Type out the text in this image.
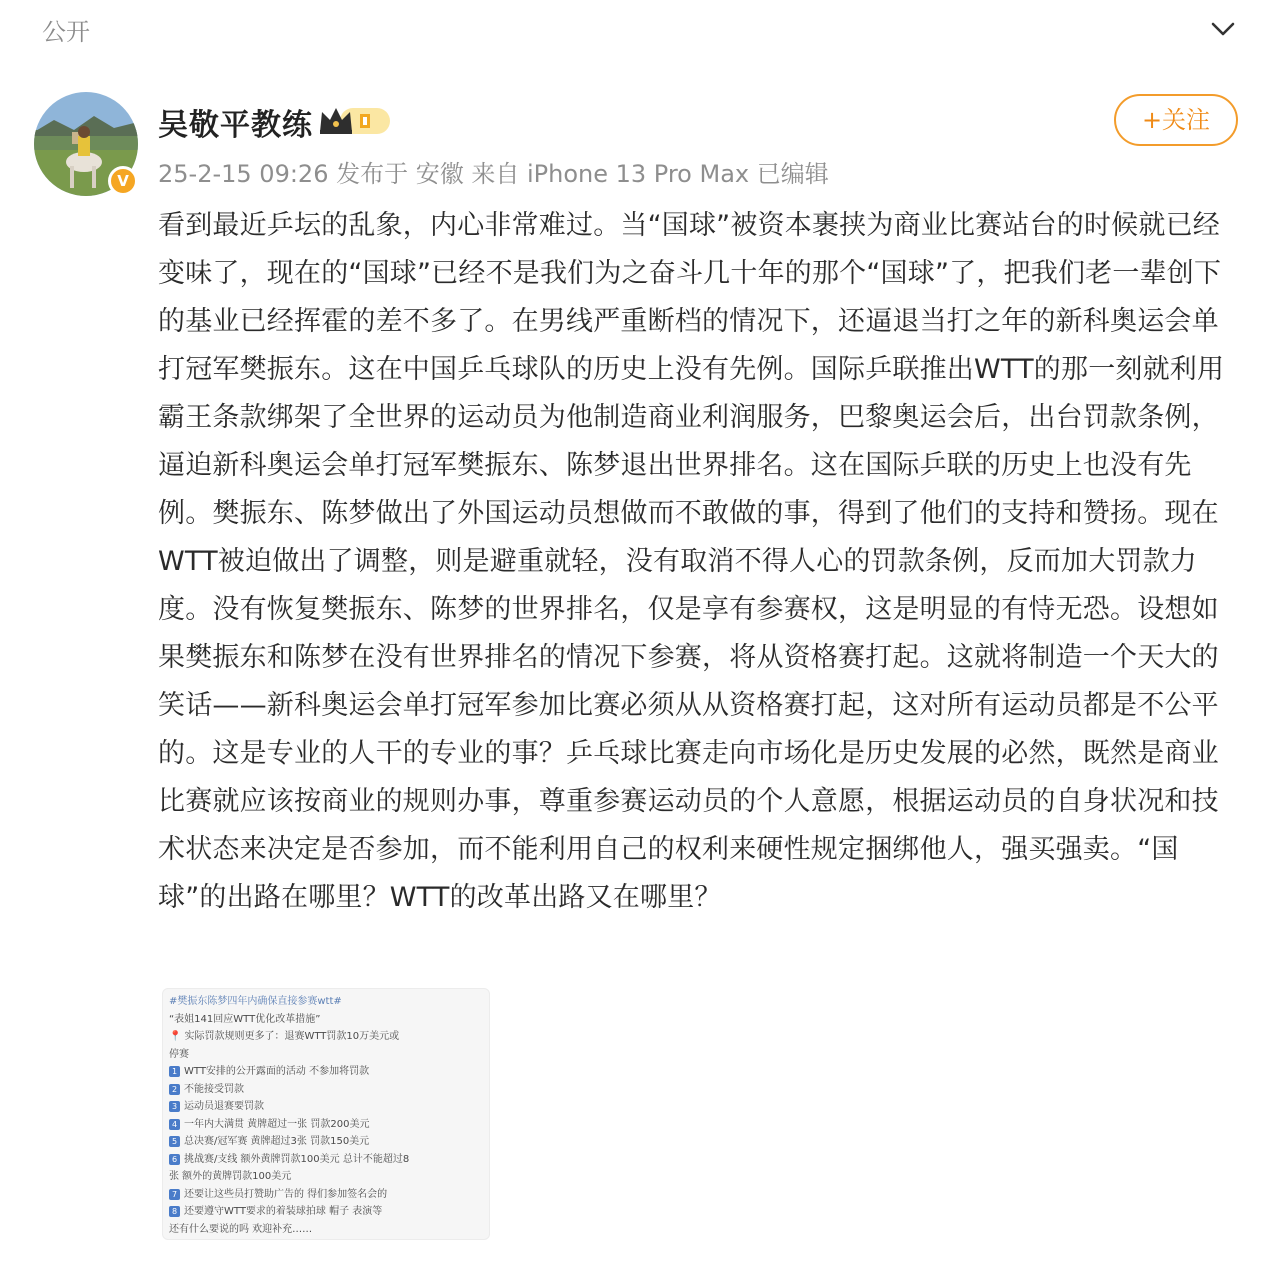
公开
V
吴敬平教练
25-2-15 09:26 发布于 安徽 来自 iPhone 13 Pro Max 已编辑
+关注
看到最近乒坛的乱象，内心非常难过。当“国球”被资本裹挟为商业比赛站台的时候就已经变味了，现在的“国球”已经不是我们为之奋斗几十年的那个“国球”了，把我们老一辈创下的基业已经挥霍的差不多了。在男线严重断档的情况下，还逼退当打之年的新科奥运会单打冠军樊振东。这在中国乒乓球队的历史上没有先例。国际乒联推出WTT的那一刻就利用霸王条款绑架了全世界的运动员为他制造商业利润服务，巴黎奥运会后，出台罚款条例，逼迫新科奥运会单打冠军樊振东、陈梦退出世界排名。这在国际乒联的历史上也没有先例。樊振东、陈梦做出了外国运动员想做而不敢做的事，得到了他们的支持和赞扬。现在WTT被迫做出了调整，则是避重就轻，没有取消不得人心的罚款条例，反而加大罚款力度。没有恢复樊振东、陈梦的世界排名，仅是享有参赛权，这是明显的有恃无恐。设想如果樊振东和陈梦在没有世界排名的情况下参赛，将从资格赛打起。这就将制造一个天大的笑话——新科奥运会单打冠军参加比赛必须从从资格赛打起，这对所有运动员都是不公平的。这是专业的人干的专业的事？乒乓球比赛走向市场化是历史发展的必然，既然是商业比赛就应该按商业的规则办事，尊重参赛运动员的个人意愿，根据运动员的自身状况和技术状态来决定是否参加，而不能利用自己的权利来硬性规定捆绑他人，强买强卖。“国球”的出路在哪里？WTT的改革出路又在哪里？
#樊振东陈梦四年内确保直接参赛wtt#
“表姐141回应WTT优化改革措施”
📍 实际罚款规则更多了：退赛WTT罚款10万美元或
停赛
1 WTT安排的公开露面的活动 不参加将罚款
2 不能接受罚款
3 运动员退赛要罚款
4 一年内大满贯 黄牌超过一张 罚款200美元
5 总决赛/冠军赛 黄牌超过3张 罚款150美元
6 挑战赛/支线 额外黄牌罚款100美元 总计不能超过8
张 额外的黄牌罚款100美元
7 还要让这些员打赞助广告的 得们参加签名会的
8 还要遵守WTT要求的着装球拍球 帽子 表演等
还有什么要说的吗 欢迎补充……
